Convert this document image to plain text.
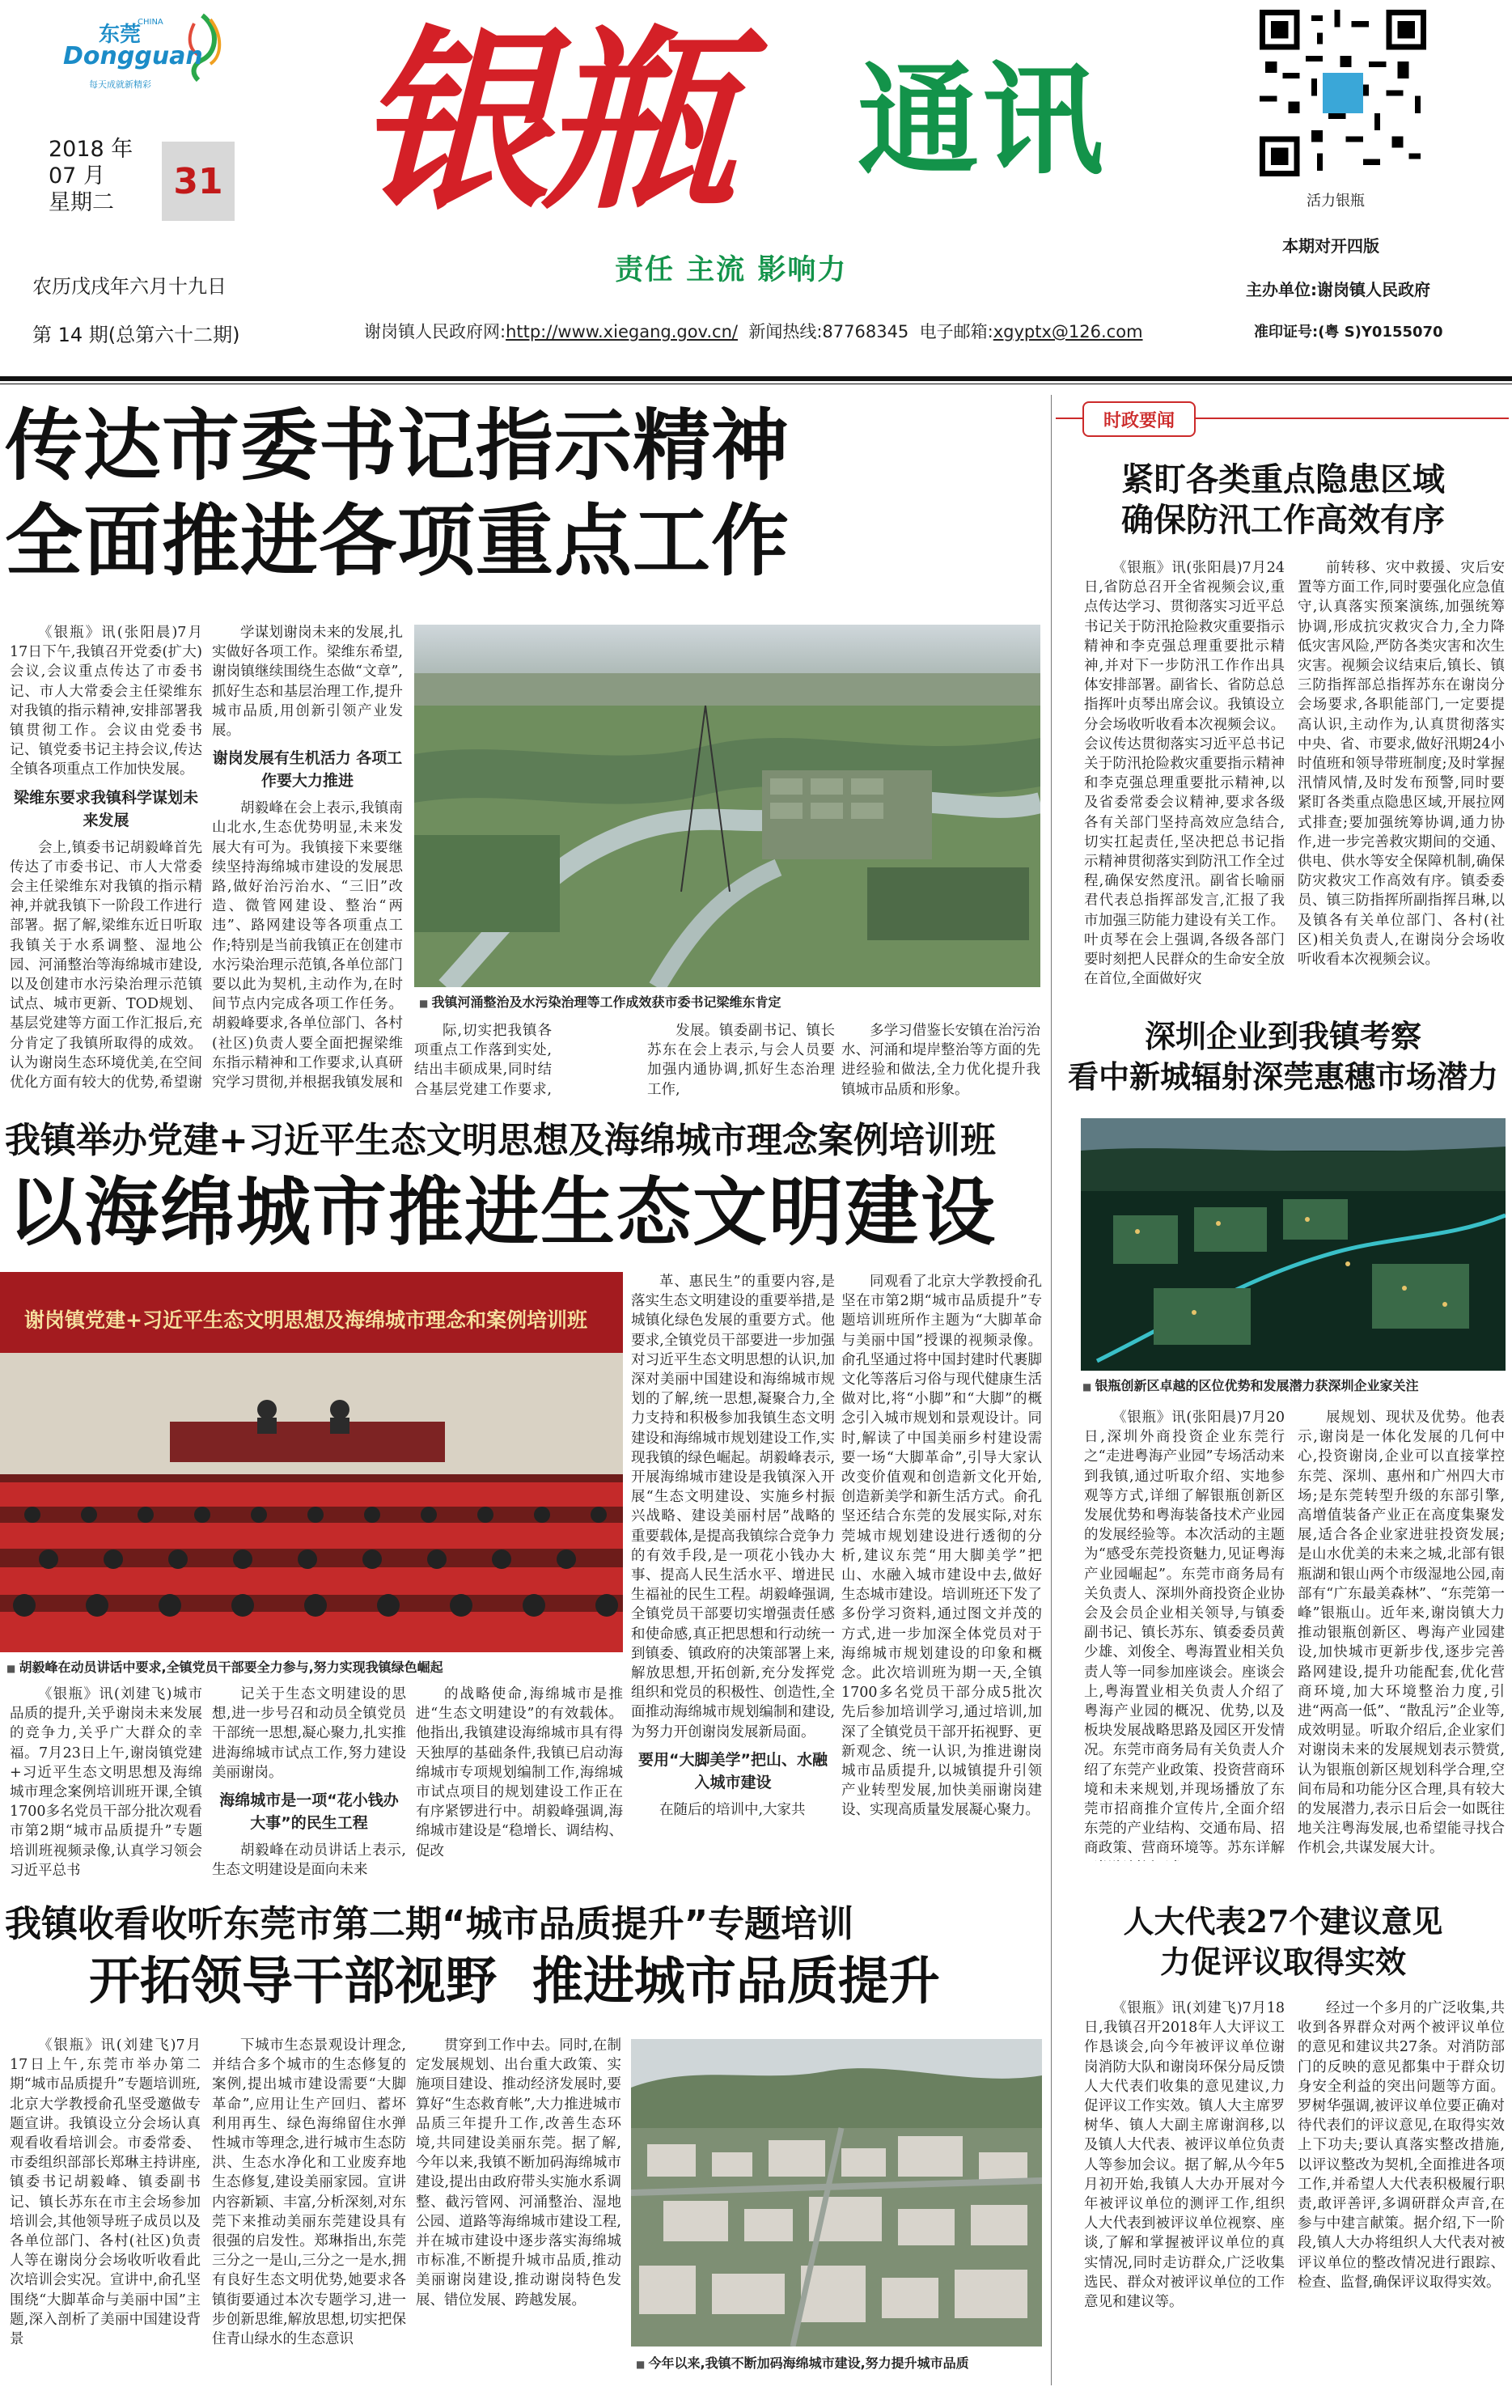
东莞
CHINA
Dongguan
每天成就新精彩
2018 年
07 月
星期二
31
农历戊戌年六月十九日
第 14 期(总第六十二期)
银瓶 通讯
责任 主流 影响力
谢岗镇人民政府网:http://www.xiegang.gov.cn/ 新闻热线:87768345 电子邮箱:xgyptx@126.com
活力银瓶
本期对开四版
主办单位:谢岗镇人民政府
准印证号:(粤 S)Y0155070
传达市委书记指示精神
全面推进各项重点工作

《银瓶》讯(张阳晨)7月17日下午,我镇召开党委(扩大)会议,会议重点传达了市委书记、市人大常委会主任梁维东对我镇的指示精神,安排部署我镇贯彻工作。会议由党委书记、镇党委书记主持会议,传达全镇各项重点工作加快发展。

梁维东要求我镇科学谋划未来发展

会上,镇委书记胡毅峰首先传达了市委书记、市人大常委会主任梁维东对我镇的指示精神,并就我镇下一阶段工作进行部署。据了解,梁维东近日听取我镇关于水系调整、湿地公园、河涌整治等海绵城市建设,以及创建市水污染治理示范镇试点、城市更新、TOD规划、基层党建等方面工作汇报后,充分肯定了我镇所取得的成效。认为谢岗生态环境优美,在空间优化方面有较大的优势,希望谢

学谋划谢岗未来的发展,扎实做好各项工作。梁维东希望,谢岗镇继续围绕生态做“文章”,抓好生态和基层治理工作,提升城市品质,用创新引领产业发展。

谢岗发展有生机活力 各项工作要大力推进

胡毅峰在会上表示,我镇南山北水,生态优势明显,未来发展大有可为。我镇接下来要继续坚持海绵城市建设的发展思路,做好治污治水、“三旧”改造、微管网建设、整治“两违”、路网建设等各项重点工作;特别是当前我镇正在创建市水污染治理示范镇,各单位部门要以此为契机,主动作为,在时间节点内完成各项工作任务。胡毅峰要求,各单位部门、各村(社区)负责人要全面把握梁维东指示精神和工作要求,认真研究学习贯彻,并根据我镇发展和

■ 我镇河涌整治及水污染治理等工作成效获市委书记梁维东肯定

际,切实把我镇各项重点工作落到实处,结出丰硕成果,同时结合基层党建工作要求,

发展。镇委副书记、镇长苏东在会上表示,与会人员要加强内通协调,抓好生态治理工作,

多学习借鉴长安镇在治污治水、河涌和堤岸整治等方面的先进经验和做法,全力优化提升我镇城市品质和形象。

我镇举办党建+习近平生态文明思想及海绵城市理念案例培训班
以海绵城市推进生态文明建设
谢岗镇党建+习近平生态文明思想及海绵城市理念和案例培训班
■ 胡毅峰在动员讲话中要求,全镇党员干部要全力参与,努力实现我镇绿色崛起

革、惠民生”的重要内容,是落实生态文明建设的重要举措,是城镇化绿色发展的重要方式。他要求,全镇党员干部要进一步加强对习近平生态文明思想的认识,加深对美丽中国建设和海绵城市规划的了解,统一思想,凝聚合力,全力支持和积极参加我镇生态文明建设和海绵城市规划建设工作,实现我镇的绿色崛起。胡毅峰表示,开展海绵城市建设是我镇深入开展“生态文明建设、实施乡村振兴战略、建设美丽村居”战略的重要载体,是提高我镇综合竞争力的有效手段,是一项花小钱办大事、提高人民生活水平、增进民生福祉的民生工程。胡毅峰强调,全镇党员干部要切实增强责任感和使命感,真正把思想和行动统一到镇委、镇政府的决策部署上来,解放思想,开拓创新,充分发挥党组织和党员的积极性、创造性,全面推动海绵城市规划编制和建设,为努力开创谢岗发展新局面。

要用“大脚美学”把山、水融入城市建设

在随后的培训中,大家共

同观看了北京大学教授俞孔坚在市第2期“城市品质提升”专题培训班所作主题为“大脚革命与美丽中国”授课的视频录像。俞孔坚通过将中国封建时代裹脚文化等落后习俗与现代健康生活做对比,将“小脚”和“大脚”的概念引入城市规划和景观设计。同时,解读了中国美丽乡村建设需要一场“大脚革命”,引导大家认改变价值观和创造新文化开始,创造新美学和新生活方式。俞孔坚还结合东莞的发展实际,对东莞城市规划建设进行透彻的分析,建议东莞“用大脚美学”把山、水融入城市建设中去,做好生态城市建设。培训班还下发了多份学习资料,通过图文并茂的方式,进一步加深全体党员对于海绵城市规划建设的印象和概念。此次培训班为期一天,全镇1700多名党员干部分成5批次先后参加培训学习,通过培训,加深了全镇党员干部开拓视野、更新观念、统一认识,为推进谢岗城市品质提升,以城镇提升引领产业转型发展,加快美丽谢岗建设、实现高质量发展凝心聚力。

《银瓶》讯(刘建飞)城市品质的提升,关乎谢岗未来发展的竞争力,关乎广大群众的幸福。7月23日上午,谢岗镇党建+习近平生态文明思想及海绵城市理念案例培训班开课,全镇1700多名党员干部分批次观看市第2期“城市品质提升”专题培训班视频录像,认真学习领会习近平总书

记关于生态文明建设的思想,进一步号召和动员全镇党员干部统一思想,凝心聚力,扎实推进海绵城市试点工作,努力建设美丽谢岗。

海绵城市是一项“花小钱办大事”的民生工程

胡毅峰在动员讲话上表示,生态文明建设是面向未来

的战略使命,海绵城市是推进“生态文明建设”的有效载体。他指出,我镇建设海绵城市具有得天独厚的基础条件,我镇已启动海绵城市专项规划编制工作,海绵城市试点项目的规划建设工作正在有序紧锣进行中。胡毅峰强调,海绵城市建设是“稳增长、调结构、促改

我镇收看收听东莞市第二期“城市品质提升”专题培训
开拓领导干部视野  推进城市品质提升

《银瓶》讯(刘建飞)7月17日上午,东莞市举办第二期“城市品质提升”专题培训班,北京大学教授俞孔坚受邀做专题宣讲。我镇设立分会场认真观看收看培训会。市委常委、市委组织部部长郑琳主持讲座,镇委书记胡毅峰、镇委副书记、镇长苏东在市主会场参加培训会,其他领导班子成员以及各单位部门、各村(社区)负责人等在谢岗分会场收听收看此次培训会实况。宣讲中,俞孔坚围绕“大脚革命与美丽中国”主题,深入剖析了美丽中国建设背景

下城市生态景观设计理念,并结合多个城市的生态修复的案例,提出城市建设需要“大脚革命”,应用让生产回归、蓄坏利用再生、绿色海绵留住水弹性城市等理念,进行城市生态防洪、生态水净化和工业废弃地生态修复,建设美丽家园。宣讲内容新颖、丰富,分析深刻,对东莞下来推动美丽东莞建设具有很强的启发性。郑琳指出,东莞三分之一是山,三分之一是水,拥有良好生态文明优势,她要求各镇街要通过本次专题学习,进一步创新思维,解放思想,切实把保住青山绿水的生态意识

贯穿到工作中去。同时,在制定发展规划、出台重大政策、实施项目建设、推动经济发展时,要算好“生态救育帐”,大力推进城市品质三年提升工作,改善生态环境,共同建设美丽东莞。据了解,今年以来,我镇不断加码海绵城市建设,提出由政府带头实施水系调整、截污管网、河涌整治、湿地公园、道路等海绵城市建设工程,并在城市建设中逐步落实海绵城市标准,不断提升城市品质,推动美丽谢岗建设,推动谢岗特色发展、错位发展、跨越发展。

■ 今年以来,我镇不断加码海绵城市建设,努力提升城市品质
时政要闻
紧盯各类重点隐患区域
确保防汛工作高效有序

《银瓶》讯(张阳晨)7月24日,省防总召开全省视频会议,重点传达学习、贯彻落实习近平总书记关于防汛抢险救灾重要指示精神和李克强总理重要批示精神,并对下一步防汛工作作出具体安排部署。副省长、省防总总指挥叶贞琴出席会议。我镇设立分会场收听收看本次视频会议。会议传达贯彻落实习近平总书记关于防汛抢险救灾重要指示精神和李克强总理重要批示精神,以及省委常委会议精神,要求各级各有关部门坚持高效应急结合,切实扛起责任,坚决把总书记指示精神贯彻落实到防汛工作全过程,确保安然度汛。副省长喻丽君代表总指挥部发言,汇报了我市加强三防能力建设有关工作。叶贞琴在会上强调,各级各部门要时刻把人民群众的生命安全放在首位,全面做好灾

前转移、灾中救援、灾后安置等方面工作,同时要强化应急值守,认真落实预案演练,加强统筹协调,形成抗灾救灾合力,全力降低灾害风险,严防各类灾害和次生灾害。视频会议结束后,镇长、镇三防指挥部总指挥苏东在谢岗分会场要求,各职能部门,一定要提高认识,主动作为,认真贯彻落实中央、省、市要求,做好汛期24小时值班和领导带班制度;及时掌握汛情风情,及时发布预警,同时要紧盯各类重点隐患区域,开展拉网式排查;要加强统筹协调,通力协作,进一步完善救灾期间的交通、供电、供水等安全保障机制,确保防灾救灾工作高效有序。镇委委员、镇三防指挥所副指挥吕琳,以及镇各有关单位部门、各村(社区)相关负责人,在谢岗分会场收听收看本次视频会议。

深圳企业到我镇考察
看中新城辐射深莞惠穗市场潜力
■ 银瓶创新区卓越的区位优势和发展潜力获深圳企业家关注

《银瓶》讯(张阳晨)7月20日,深圳外商投资企业东莞行之“走进粤海产业园”专场活动来到我镇,通过听取介绍、实地参观等方式,详细了解银瓶创新区发展优势和粤海装备技术产业园的发展经验等。本次活动的主题为“感受东莞投资魅力,见证粤海产业园崛起”。东莞市商务局有关负责人、深圳外商投资企业协会及会员企业相关领导,与镇委副书记、镇长苏东、镇委委员黄少雄、刘俊全、粤海置业相关负责人等一同参加座谈会。座谈会上,粤海置业相关负责人介绍了粤海产业园的概况、优势,以及板块发展战略思路及园区开发情况。东莞市商务局有关负责人介绍了东莞产业政策、投资营商环境和未来规划,并现场播放了东莞市招商推介宣传片,全面介绍东莞的产业结构、交通布局、招商政策、营商环境等。苏东详解

展规划、现状及优势。他表示,谢岗是一体化发展的几何中心,投资谢岗,企业可以直接掌控东莞、深圳、惠州和广州四大市场;是东莞转型升级的东部引擎,高增值装备产业正在高度集聚发展,适合各企业家进驻投资发展;是山水优美的未来之城,北部有银瓶湖和银山两个市级湿地公园,南部有“广东最美森林”、“东莞第一峰”银瓶山。近年来,谢岗镇大力推动银瓶创新区、粤海产业园建设,加快城市更新步伐,逐步完善路网建设,提升功能配套,优化营商环境,加大环境整治力度,引进“两高一低”、“散乱污”企业等,成效明显。听取介绍后,企业家们对谢岗未来的发展规划表示赞赏,认为银瓶创新区规划科学合理,空间布局和功能分区合理,具有较大的发展潜力,表示日后会一如既往地关注粤海发展,也希望能寻找合作机会,共谋发展大计。

人大代表27个建议意见
力促评议取得实效

《银瓶》讯(刘建飞)7月18日,我镇召开2018年人大评议工作恳谈会,向今年被评议单位谢岗消防大队和谢岗环保分局反馈人大代表们收集的意见建议,力促评议工作实效。镇人大主席罗树华、镇人大副主席谢润移,以及镇人大代表、被评议单位负责人等参加会议。据了解,从今年5月初开始,我镇人大办开展对今年被评议单位的测评工作,组织人大代表到被评议单位视察、座谈,了解和掌握被评议单位的真实情况,同时走访群众,广泛收集选民、群众对被评议单位的工作意见和建议等。

经过一个多月的广泛收集,共收到各界群众对两个被评议单位的意见和建议共27条。对消防部门的反映的意见都集中于群众切身安全利益的突出问题等方面。罗树华强调,被评议单位要正确对待代表们的评议意见,在取得实效上下功夫;要认真落实整改措施,以评议整改为契机,全面推进各项工作,并希望人大代表积极履行职责,敢评善评,多调研群众声音,在参与中建言献策。据介绍,下一阶段,镇人大办将组织人大代表对被评议单位的整改情况进行跟踪、检查、监督,确保评议取得实效。
